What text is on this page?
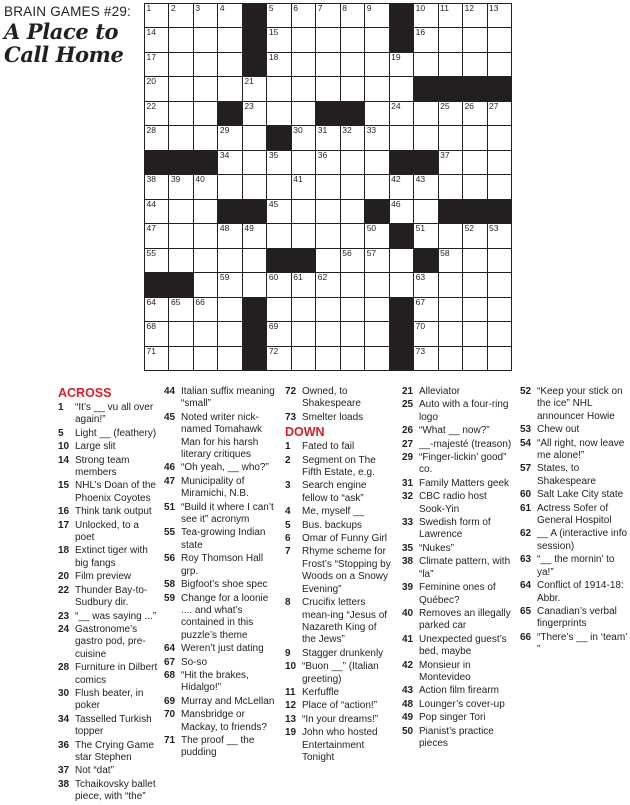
BRAIN GAMES #29:
A Place to Call Home
1 2 3 4	5 6 7 8 9	10 11 12 13
14	15	16
17	18	19
20	21
22	23	24	25 26 27
28	29	30 31 32 33
34	35	36	37
38 39 40	41	42 43
44	45	46
47	48 49	50	51	52 53
55	56 57	58
59	60 61 62	63
64 65 66	67
68	69	70
71	72	73
ACROSS
1 “It’s __ vu all over again!”
5 Light __ (feathery)
10 Large slit
14 Strong team members
15 NHL’s Doan of the Phoenix Coyotes
16 Think tank output
17 Unlocked, to a poet
18 Extinct tiger with big fangs
20 Film preview
22 Thunder Bay-to-Sudbury dir.
23 “__ was saying ...”
24 Gastronome’s gastro pod, pre-cuisine
28 Furniture in Dilbert comics
30 Flush beater, in poker
34 Tasselled Turkish topper
36 The Crying Game star Stephen
37 Not “dat”
38 Tchaikovsky ballet piece, with “the”
44 Italian suffix meaning “small”
45 Noted writer nick-named Tomahawk Man for his harsh literary critiques
46 “Oh yeah, __ who?”
47 Municipality of Miramichi, N.B.
51 “Build it where I can’t see it” acronym
55 Tea-growing Indian state
56 Roy Thomson Hall grp.
58 Bigfoot’s shoe spec
59 Change for a loonie .... and what’s contained in this puzzle’s theme
64 Weren’t just dating
67 So-so
68 “Hit the brakes, Hidalgo!”
69 Murray and McLellan
70 Mansbridge or Mackay, to friends?
71 The proof __ the pudding
72 Owned, to Shakespeare
73 Smelter loads
DOWN
1 Fated to fail
2 Segment on The Fifth Estate, e.g.
3 Search engine fellow to “ask”
4 Me, myself __
5 Bus. backups
6 Omar of Funny Girl
7 Rhyme scheme for Frost’s “Stopping by Woods on a Snowy Evening”
8 Crucifix letters mean-ing “Jesus of Nazareth King of the Jews”
9 Stagger drunkenly
10 “Buon __” (Italian greeting)
11 Kerfuffle
12 Place of “action!”
13 “In your dreams!”
19 John who hosted Entertainment Tonight
21 Alleviator
25 Auto with a four-ring logo
26 “What __ now?”
27 __-majesté (treason)
29 “Finger-lickin’ good” co.
31 Family Matters geek
32 CBC radio host Sook-Yin
33 Swedish form of Lawrence
35 “Nukes”
38 Climate pattern, with “la”
39 Feminine ones of Québec?
40 Removes an illegally parked car
41 Unexpected guest’s bed, maybe
42 Monsieur in Montevideo
43 Action film firearm
48 Lounger’s cover-up
49 Pop singer Tori
50 Pianist’s practice pieces
52 “Keep your stick on the ice” NHL announcer Howie
53 Chew out
54 “All right, now leave me alone!”
57 States, to Shakespeare
60 Salt Lake City state
61 Actress Sofer of General Hospitol
62 __ A (interactive info session)
63 “__ the mornin’ to ya!”
64 Conflict of 1914-18: Abbr.
65 Canadian’s verbal fingerprints
66 “There’s __ in ‘team’ ”
